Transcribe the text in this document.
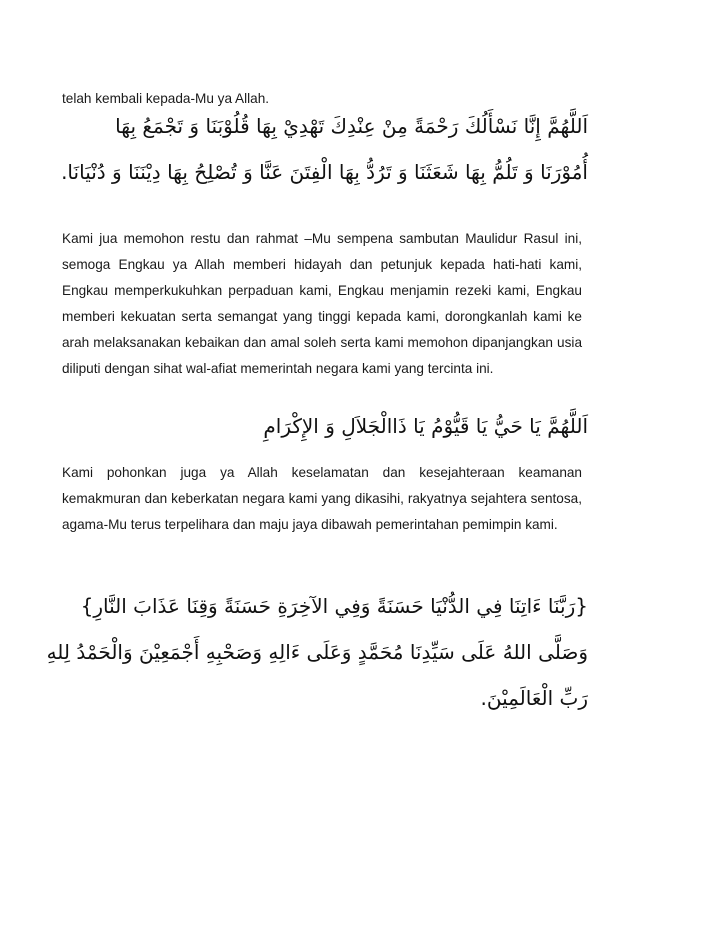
telah kembali kepada-Mu ya Allah.
اَللَّهُمَّ إِنَّا نَسْأَلُكَ رَحْمَةً مِنْ عِنْدِكَ تَهْدِيْ بِهَا قُلُوْبَنَا وَ تَجْمَعُ بِهَا
أُمُوْرَنَا وَ تَلُمُّ بِهَا شَعَثَنَا وَ تَرُدُّ بِهَا الْفِتَنَ عَنَّا وَ تُصْلِحُ بِهَا دِيْنَنَا وَ دُنْيَانَا.
Kami jua memohon restu dan rahmat –Mu sempena sambutan Maulidur Rasul ini, semoga Engkau ya Allah memberi hidayah dan petunjuk kepada hati-hati kami, Engkau memperkukuhkan perpaduan kami, Engkau menjamin rezeki kami, Engkau memberi kekuatan serta semangat yang tinggi kepada kami, dorongkanlah kami ke arah melaksanakan kebaikan dan amal soleh serta kami memohon dipanjangkan usia diliputi dengan sihat wal-afiat memerintah negara kami yang tercinta ini.
اَللَّهُمَّ يَا حَيُّ يَا قَيُّوْمُ يَا ذَاالْجَلاَلِ وَ الإِكْرَامِ
Kami pohonkan juga ya Allah keselamatan dan kesejahteraan keamanan kemakmuran dan keberkatan negara kami yang dikasihi, rakyatnya sejahtera sentosa, agama-Mu terus terpelihara dan maju jaya dibawah pemerintahan pemimpin kami.
{رَبَّنَا ءَاتِنَا فِي الدُّنْيَا حَسَنَةً وَفِي الآخِرَةِ حَسَنَةً وَقِنَا عَذَابَ النَّارِ}
وَصَلَّى اللهُ عَلَى سَيِّدِنَا مُحَمَّدٍ وَعَلَى ءَالِهِ وَصَحْبِهِ أَجْمَعِيْنَ وَالْحَمْدُ لِلهِ
رَبِّ الْعَالَمِيْنَ.
